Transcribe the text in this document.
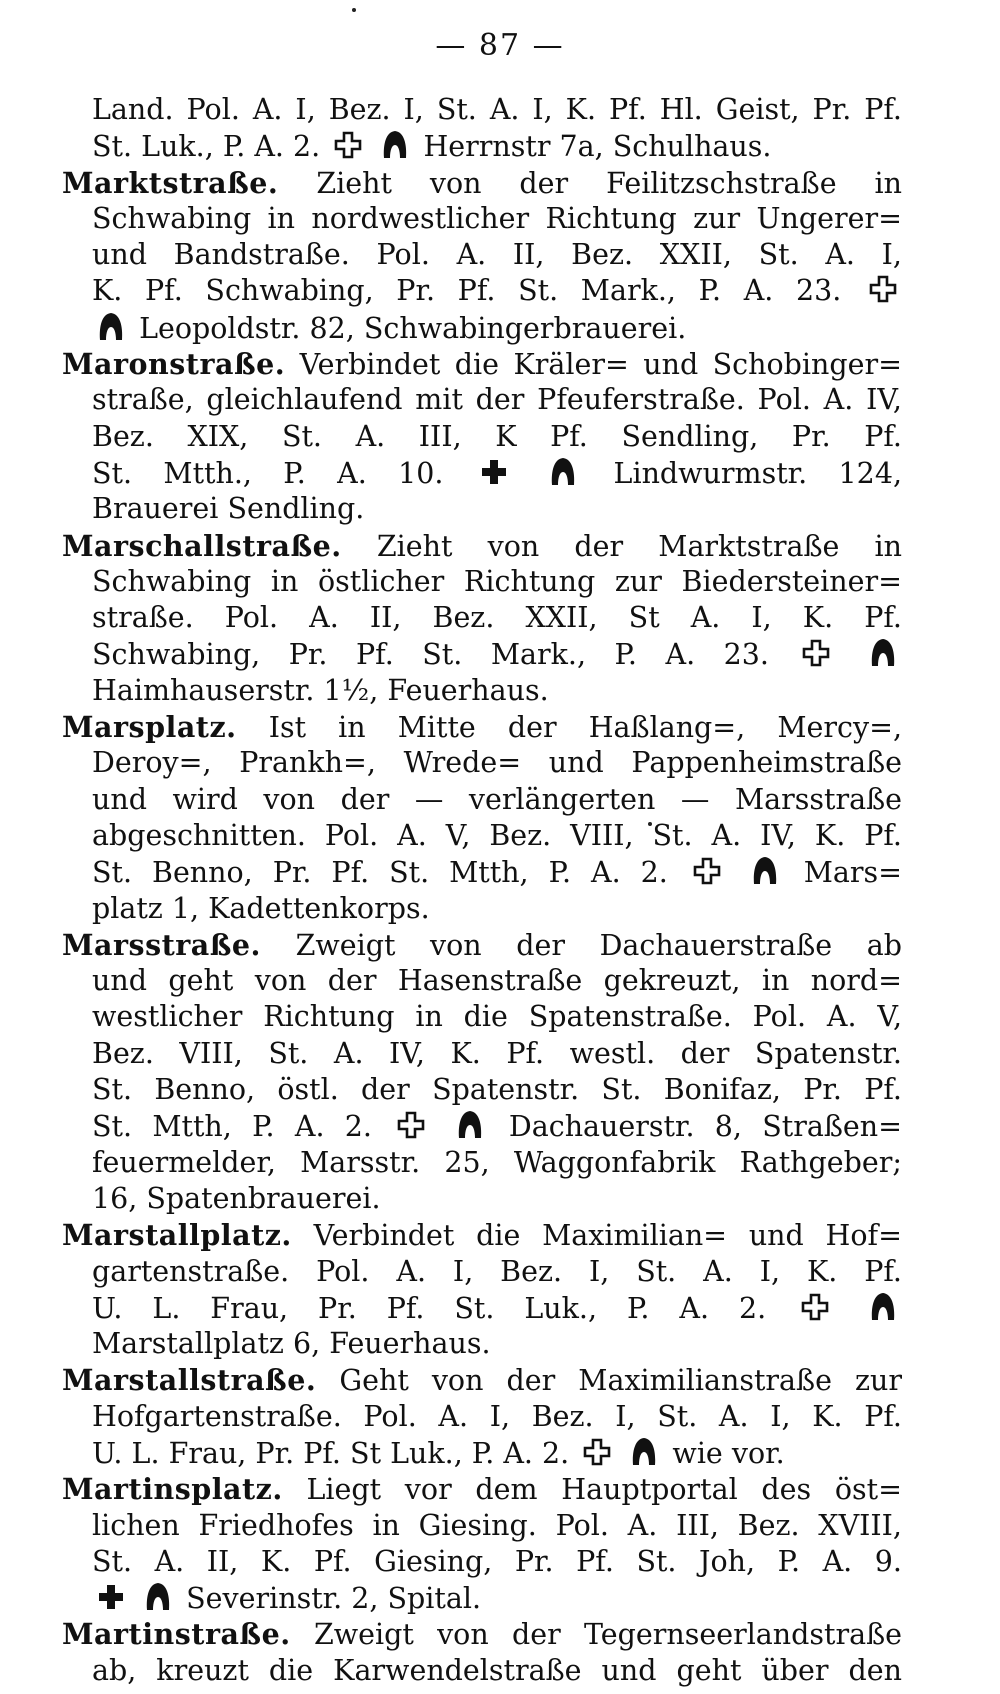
— 87 —
Land. Pol. A. I, Bez. I, St. A. I, K. Pf. Hl. Geist, Pr. Pf.
St. Luk., P. A. 2.	Herrnstr 7a, Schulhaus.
Marktstraße. Zieht von der Feilitzschstraße in
Schwabing in nordwestlicher Richtung zur Ungerer=
und Bandstraße. Pol. A. II, Bez. XXII, St. A. I,
K. Pf. Schwabing, Pr. Pf. St. Mark., P. A. 23.
Leopoldstr. 82, Schwabingerbrauerei.
Maronstraße. Verbindet die Kräler= und Schobinger=
straße, gleichlaufend mit der Pfeuferstraße. Pol. A. IV,
Bez. XIX, St. A. III, K Pf. Sendling, Pr. Pf.
St. Mtth., P. A. 10.	Lindwurmstr. 124,
Brauerei Sendling.
Marschallstraße. Zieht von der Marktstraße in
Schwabing in östlicher Richtung zur Biedersteiner=
straße. Pol. A. II, Bez. XXII, St A. I, K. Pf.
Schwabing, Pr. Pf. St. Mark., P. A. 23.
Haimhauserstr. 1½, Feuerhaus.
Marsplatz. Ist in Mitte der Haßlang=, Mercy=,
Deroy=, Prankh=, Wrede= und Pappenheimstraße
und wird von der — verlängerten — Marsstraße
abgeschnitten. Pol. A. V, Bez. VIII, St. A. IV, K. Pf.
St. Benno, Pr. Pf. St. Mtth, P. A. 2.	Mars=
platz 1, Kadettenkorps.
Marsstraße. Zweigt von der Dachauerstraße ab
und geht von der Hasenstraße gekreuzt, in nord=
westlicher Richtung in die Spatenstraße. Pol. A. V,
Bez. VIII, St. A. IV, K. Pf. westl. der Spatenstr.
St. Benno, östl. der Spatenstr. St. Bonifaz, Pr. Pf.
St. Mtth, P. A. 2.	Dachauerstr. 8, Straßen=
feuermelder, Marsstr. 25, Waggonfabrik Rathgeber;
16, Spatenbrauerei.
Marstallplatz. Verbindet die Maximilian= und Hof=
gartenstraße. Pol. A. I, Bez. I, St. A. I, K. Pf.
U. L. Frau, Pr. Pf. St. Luk., P. A. 2.
Marstallplatz 6, Feuerhaus.
Marstallstraße. Geht von der Maximilianstraße zur
Hofgartenstraße. Pol. A. I, Bez. I, St. A. I, K. Pf.
U. L. Frau, Pr. Pf. St Luk., P. A. 2.	wie vor.
Martinsplatz. Liegt vor dem Hauptportal des öst=
lichen Friedhofes in Giesing. Pol. A. III, Bez. XVIII,
St. A. II, K. Pf. Giesing, Pr. Pf. St. Joh, P. A. 9.
Severinstr. 2, Spital.
Martinstraße. Zweigt von der Tegernseerlandstraße
ab, kreuzt die Karwendelstraße und geht über den
